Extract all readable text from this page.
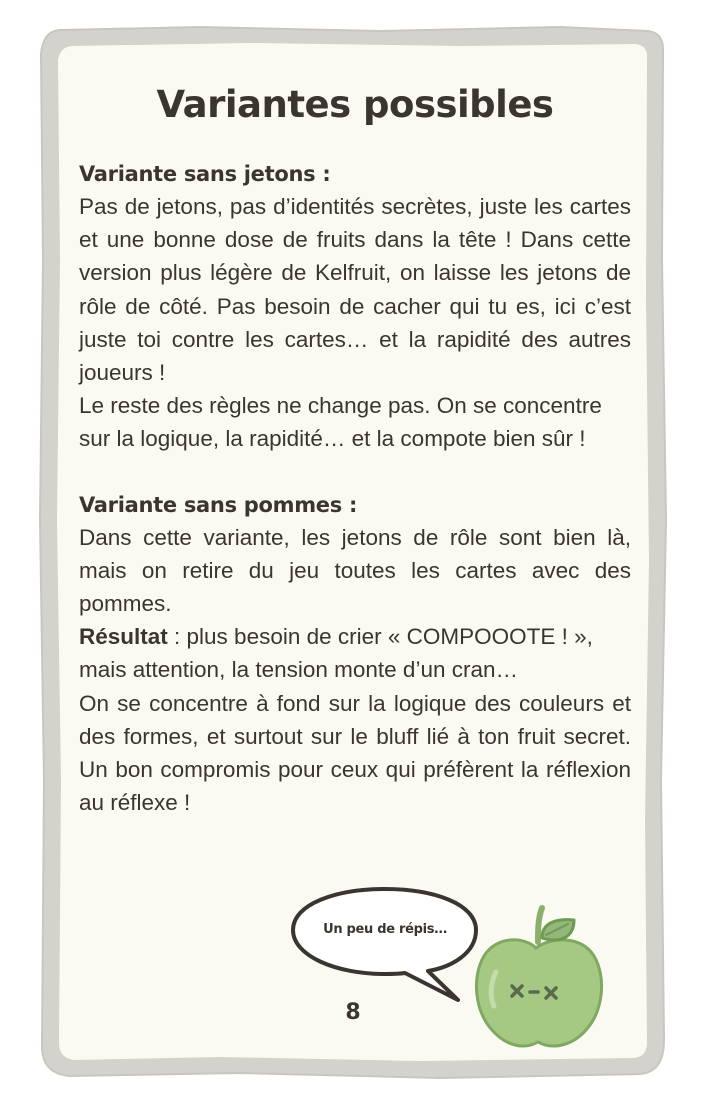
Variantes possibles
Variante sans jetons :

Pas de jetons, pas d’identités secrètes, juste les cartes et une bonne dose de fruits dans la tête ! Dans cette version plus légère de Kelfruit, on laisse les jetons de rôle de côté. Pas besoin de cacher qui tu es, ici c’est juste toi contre les cartes… et la rapidité des autres joueurs !

Le reste des règles ne change pas. On se concentre sur la logique, la rapidité… et la compote bien sûr !

Variante sans pommes :

Dans cette variante, les jetons de rôle sont bien là, mais on retire du jeu toutes les cartes avec des pommes.

Résultat : plus besoin de crier « COMPOOOTE ! », mais attention, la tension monte d’un cran…

On se concentre à fond sur la logique des couleurs et des formes, et surtout sur le bluff lié à ton fruit secret. Un bon compromis pour ceux qui préfèrent la réflexion au réflexe !

Un peu de répis…
8
